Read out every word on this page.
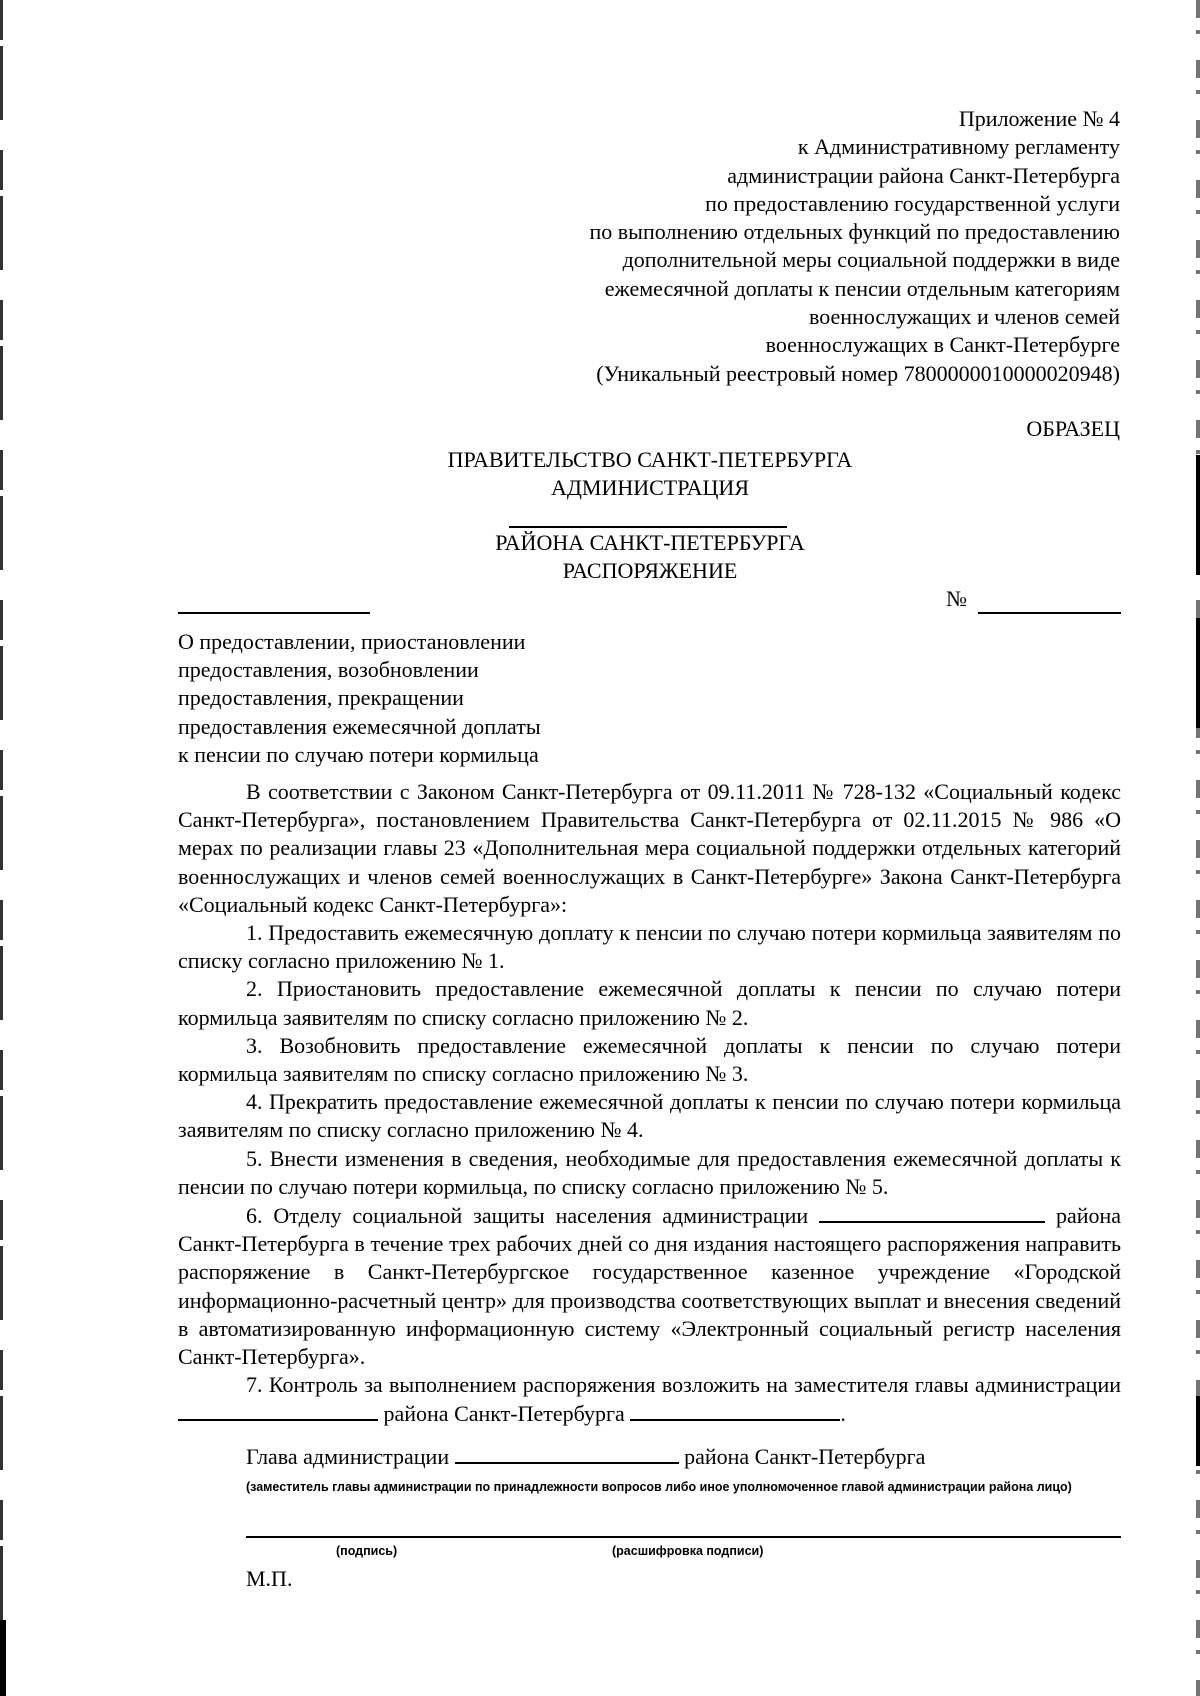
Приложение № 4
к Административному регламенту
администрации района Санкт-Петербурга
по предоставлению государственной услуги
по выполнению отдельных функций по предоставлению
дополнительной меры социальной поддержки в виде
ежемесячной доплаты к пенсии отдельным категориям
военнослужащих и членов семей
военнослужащих в Санкт-Петербурге
(Уникальный реестровый номер 7800000010000020948)
ОБРАЗЕЦ
ПРАВИТЕЛЬСТВО САНКТ-ПЕТЕРБУРГА
АДМИНИСТРАЦИЯ
РАЙОНА САНКТ-ПЕТЕРБУРГА
РАСПОРЯЖЕНИЕ
№
О предоставлении, приостановлении
предоставления, возобновлении
предоставления, прекращении
предоставления ежемесячной доплаты
к пенсии по случаю потери кормильца

В соответствии с Законом Санкт-Петербурга от 09.11.2011 № 728-132 «Социальный кодекс Санкт-Петербурга», постановлением Правительства Санкт-Петербурга от 02.11.2015 № 986 «О мерах по реализации главы 23 «Дополнительная мера социальной поддержки отдельных категорий военнослужащих и членов семей военнослужащих в Санкт-Петербурге» Закона Санкт-Петербурга «Социальный кодекс Санкт-Петербурга»:

1. Предоставить ежемесячную доплату к пенсии по случаю потери кормильца заявителям по списку согласно приложению № 1.

2. Приостановить предоставление ежемесячной доплаты к пенсии по случаю потери кормильца заявителям по списку согласно приложению № 2.

3. Возобновить предоставление ежемесячной доплаты к пенсии по случаю потери кормильца заявителям по списку согласно приложению № 3.

4. Прекратить предоставление ежемесячной доплаты к пенсии по случаю потери кормильца заявителям по списку согласно приложению № 4.

5. Внести изменения в сведения, необходимые для предоставления ежемесячной доплаты к пенсии по случаю потери кормильца, по списку согласно приложению № 5.

6. Отделу социальной защиты населения администрации	района Санкт-Петербурга в течение трех рабочих дней со дня издания настоящего распоряжения направить распоряжение в Санкт-Петербургское государственное казенное учреждение «Городской информационно-расчетный центр» для производства соответствующих выплат и внесения сведений в автоматизированную информационную систему «Электронный социальный регистр населения Санкт-Петербурга».

7. Контроль за выполнением распоряжения возложить на заместителя главы администрации  района Санкт-Петербурга	.

Глава администрации	района Санкт-Петербурга
(заместитель главы администрации по принадлежности вопросов либо иное уполномоченное главой администрации района лицо)
(подпись)	(расшифровка подписи)
М.П.
